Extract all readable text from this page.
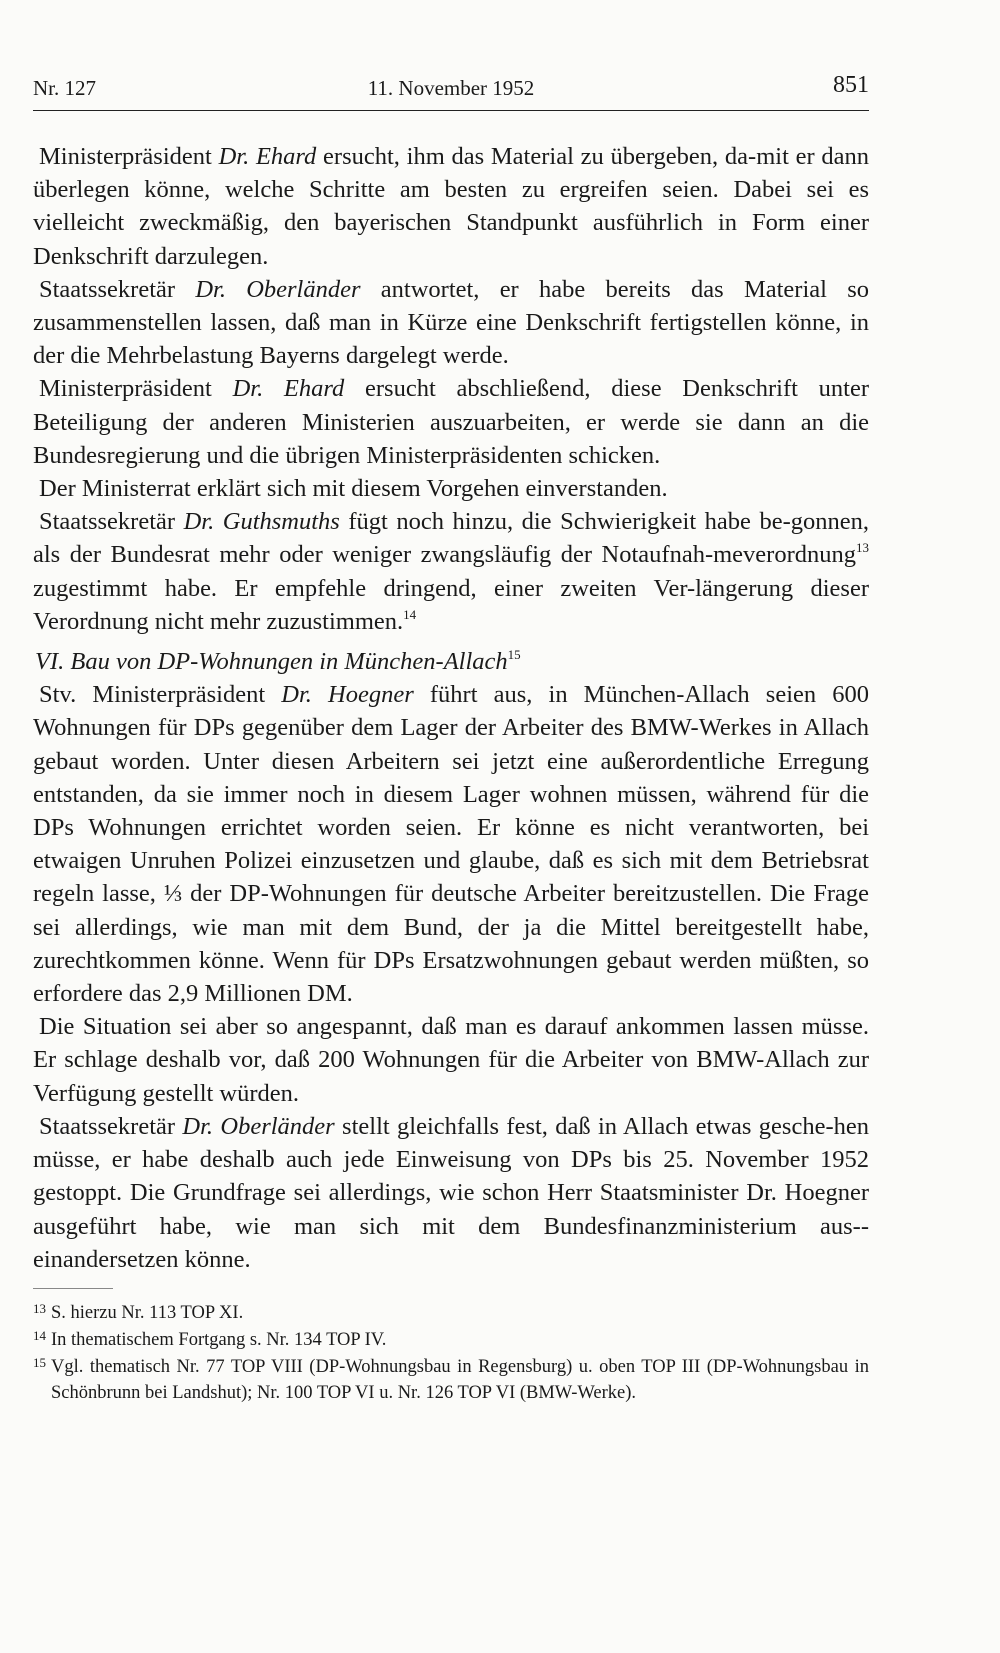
Nr. 127	11. November 1952	851

Ministerpräsident Dr. Ehard ersucht, ihm das Material zu übergeben, da-mit er dann überlegen könne, welche Schritte am besten zu ergreifen seien. Dabei sei es vielleicht zweckmäßig, den bayerischen Standpunkt ausführlich in Form einer Denkschrift darzulegen.

Staatssekretär Dr. Oberländer antwortet, er habe bereits das Material so zusammenstellen lassen, daß man in Kürze eine Denkschrift fertigstellen könne, in der die Mehrbelastung Bayerns dargelegt werde.

Ministerpräsident Dr. Ehard ersucht abschließend, diese Denkschrift unter Beteiligung der anderen Ministerien auszuarbeiten, er werde sie dann an die Bundesregierung und die übrigen Ministerpräsidenten schicken.

Der Ministerrat erklärt sich mit diesem Vorgehen einverstanden.

Staatssekretär Dr. Guthsmuths fügt noch hinzu, die Schwierigkeit habe be-gonnen, als der Bundesrat mehr oder weniger zwangsläufig der Notaufnah-meverordnung$^{13}$ zugestimmt habe. Er empfehle dringend, einer zweiten Ver-längerung dieser Verordnung nicht mehr zuzustimmen.$^{14}$

VI. Bau von DP-Wohnungen in München-Allach$^{15}$

Stv. Ministerpräsident Dr. Hoegner führt aus, in München-Allach seien 600 Wohnungen für DPs gegenüber dem Lager der Arbeiter des BMW-Werkes in Allach gebaut worden. Unter diesen Arbeitern sei jetzt eine außerordentliche Erregung entstanden, da sie immer noch in diesem Lager wohnen müssen, während für die DPs Wohnungen errichtet worden seien. Er könne es nicht verantworten, bei etwaigen Unruhen Polizei einzusetzen und glaube, daß es sich mit dem Betriebsrat regeln lasse, ⅓ der DP-Wohnungen für deutsche Arbeiter bereitzustellen. Die Frage sei allerdings, wie man mit dem Bund, der ja die Mittel bereitgestellt habe, zurechtkommen könne. Wenn für DPs Ersatzwohnungen gebaut werden müßten, so erfordere das 2,9 Millionen DM.

Die Situation sei aber so angespannt, daß man es darauf ankommen lassen müsse. Er schlage deshalb vor, daß 200 Wohnungen für die Arbeiter von BMW-Allach zur Verfügung gestellt würden.

Staatssekretär Dr. Oberländer stellt gleichfalls fest, daß in Allach etwas gesche-hen müsse, er habe deshalb auch jede Einweisung von DPs bis 25. November 1952 gestoppt. Die Grundfrage sei allerdings, wie schon Herr Staatsminister Dr. Hoegner ausgeführt habe, wie man sich mit dem Bundesfinanzministerium aus-einandersetzen könne.

13 S. hierzu Nr. 113 TOP XI.
14 In thematischem Fortgang s. Nr. 134 TOP IV.
15 Vgl. thematisch Nr. 77 TOP VIII (DP-Wohnungsbau in Regensburg) u. oben TOP III (DP-Wohnungsbau in Schönbrunn bei Landshut); Nr. 100 TOP VI u. Nr. 126 TOP VI (BMW-Werke).
